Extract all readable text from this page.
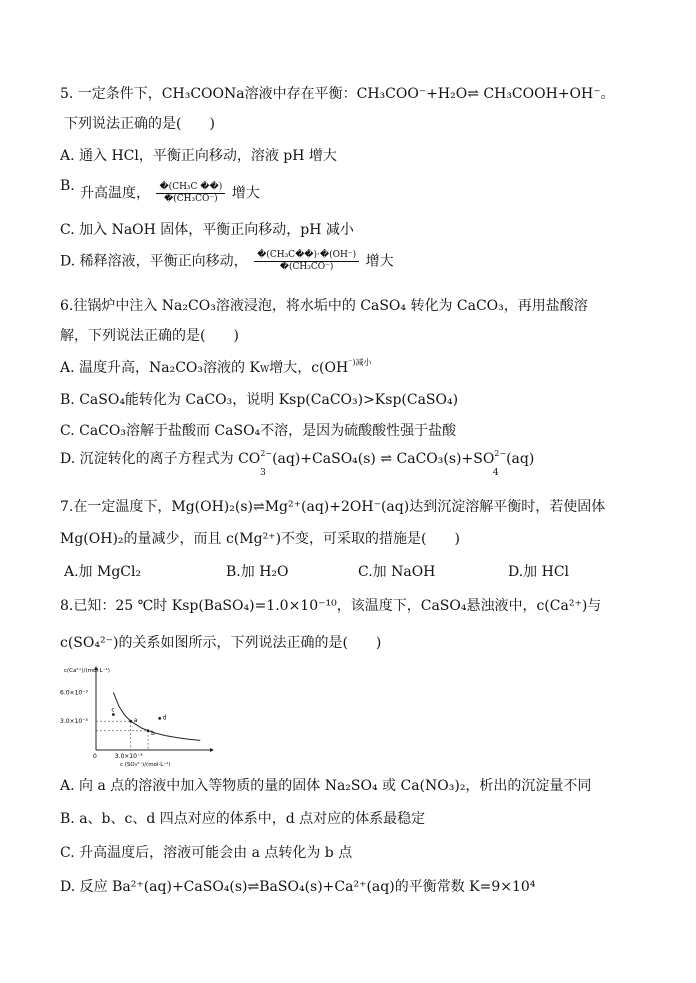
5. 一定条件下，CH₃COONa溶液中存在平衡：CH₃COO⁻+H₂O⇌ CH₃COOH+OH⁻。
下列说法正确的是(　　)
A. 通入 HCl，平衡正向移动，溶液 pH 增大
B. 升高温度， $\frac{\text{�(CH₃C ��)}}{\text{�(CH₃CO⁻)}}$ 增大
C. 加入 NaOH 固体，平衡正向移动，pH 减小
D. 稀释溶液，平衡正向移动， $\frac{\text{�(CH₃C��)·�(OH⁻)}}{\text{�(CH₃CO⁻)}}$ 增大
6.往锅炉中注入 Na₂CO₃溶液浸泡，将水垢中的 CaSO₄ 转化为 CaCO₃，再用盐酸溶
解，下列说法正确的是(　　)
A. 温度升高，Na₂CO₃溶液的 KW增大，$c(OH^{^-)减小}$
B. CaSO₄能转化为 CaCO₃，说明 Ksp(CaCO₃)>Ksp(CaSO₄)
C. CaCO₃溶解于盐酸而 CaSO₄不溶，是因为硫酸酸性强于盐酸
D. 沉淀转化的离子方程式为 $CO^{2-}$
3
(aq)+CaSO₄(s) ⇌ $CaCO_3(s)+SO^{2-}$
4
(aq)
7.在一定温度下，Mg(OH)₂(s)⇌Mg²⁺(aq)+2OH⁻(aq)达到沉淀溶解平衡时，若使固体
Mg(OH)₂的量减少，而且 c(Mg²⁺)不变，可采取的措施是(　　)
A.加 MgCl₂	B.加 H₂O	C.加 NaOH	D.加 HCl
8.已知：25 ℃时 Ksp(BaSO₄)=1.0×10⁻¹⁰，该温度下，CaSO₄悬浊液中，c(Ca²⁺)与
c(SO₄²⁻)的关系如图所示，下列说法正确的是(　　)
c(Ca²⁺)/(mol·L⁻¹)
c (SO₄²⁻)/(mol·L⁻¹)
6.0×10⁻³
3.0×10⁻³
0	3.0×10⁻³
a
b
c
d
A. 向 a 点的溶液中加入等物质的量的固体 Na₂SO₄ 或 Ca(NO₃)₂，析出的沉淀量不同
B. a、b、c、d 四点对应的体系中，d 点对应的体系最稳定
C. 升高温度后，溶液可能会由 a 点转化为 b 点
D. 反应 Ba²⁺(aq)+CaSO₄(s)⇌BaSO₄(s)+Ca²⁺(aq)的平衡常数 K=9×10⁴
